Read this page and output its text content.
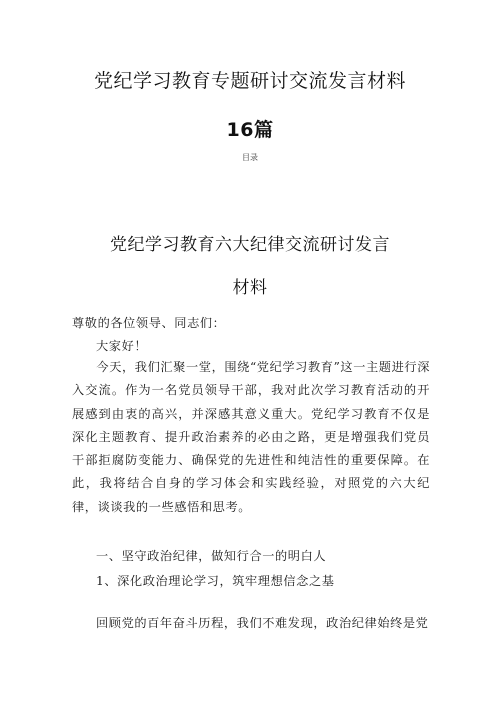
党纪学习教育专题研讨交流发言材料
16篇
目录
党纪学习教育六大纪律交流研讨发言
材料
尊敬的各位领导、同志们：
大家好！
今天，我们汇聚一堂，围绕“党纪学习教育”这一主题进行深入交流。作为一名党员领导干部，我对此次学习教育活动的开展感到由衷的高兴，并深感其意义重大。党纪学习教育不仅是深化主题教育、提升政治素养的必由之路，更是增强我们党员干部拒腐防变能力、确保党的先进性和纯洁性的重要保障。在此，我将结合自身的学习体会和实践经验，对照党的六大纪律，谈谈我的一些感悟和思考。
一、坚守政治纪律，做知行合一的明白人
1、深化政治理论学习，筑牢理想信念之基
回顾党的百年奋斗历程，我们不难发现，政治纪律始终是党
